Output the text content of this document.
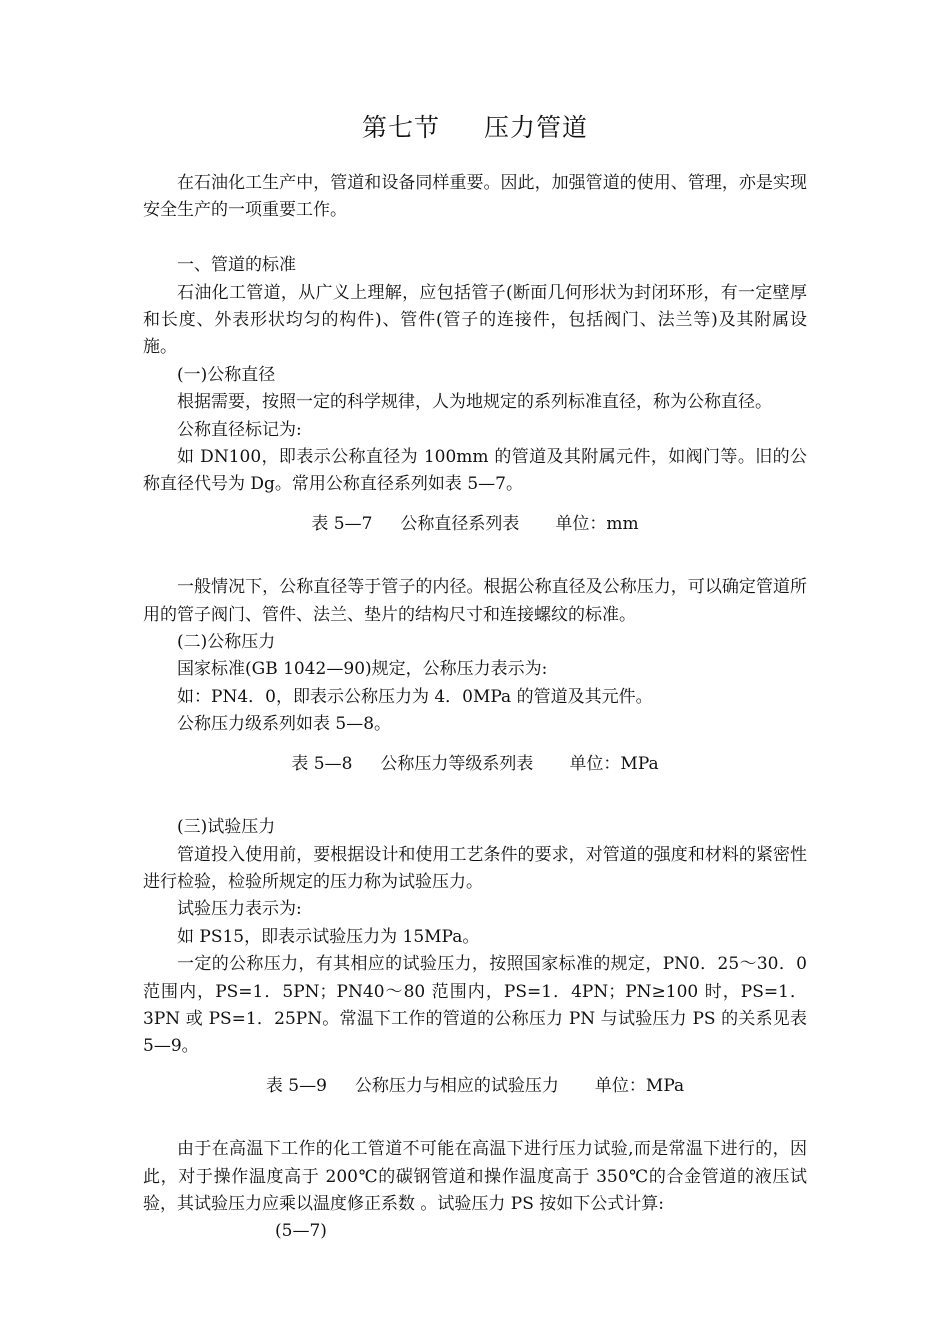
第七节 压力管道

在石油化工生产中，管道和设备同样重要。因此，加强管道的使用、管理，亦是实现安全生产的一项重要工作。

一、管道的标准

石油化工管道，从广义上理解，应包括管子(断面几何形状为封闭环形，有一定壁厚和长度、外表形状均匀的构件)、管件(管子的连接件，包括阀门、法兰等)及其附属设施。

(一)公称直径

根据需要，按照一定的科学规律，人为地规定的系列标准直径，称为公称直径。

公称直径标记为:

如 DN100，即表示公称直径为 100mm 的管道及其附属元件，如阀门等。旧的公称直径代号为 Dg。常用公称直径系列如表 5—7。

表 5—7 公称直径系列表 单位：mm

一般情况下，公称直径等于管子的内径。根据公称直径及公称压力，可以确定管道所用的管子阀门、管件、法兰、垫片的结构尺寸和连接螺纹的标准。

(二)公称压力

国家标准(GB 1042—90)规定，公称压力表示为:

如：PN4．0，即表示公称压力为 4．0MPa 的管道及其元件。

公称压力级系列如表 5—8。

表 5—8 公称压力等级系列表 单位：MPa

(三)试验压力

管道投入使用前，要根据设计和使用工艺条件的要求，对管道的强度和材料的紧密性进行检验，检验所规定的压力称为试验压力。

试验压力表示为:

如 PS15，即表示试验压力为 15MPa。

一定的公称压力，有其相应的试验压力，按照国家标准的规定，PN0．25～30．0 范围内，PS=1．5PN；PN40～80 范围内，PS=1．4PN；PN≥100 时，PS=1．3PN 或 PS=1．25PN。常温下工作的管道的公称压力 PN 与试验压力 PS 的关系见表 5—9。

表 5—9 公称压力与相应的试验压力 单位：MPa

由于在高温下工作的化工管道不可能在高温下进行压力试验,而是常温下进行的，因此，对于操作温度高于 200℃的碳钢管道和操作温度高于 350℃的合金管道的液压试验，其试验压力应乘以温度修正系数 。试验压力 PS 按如下公式计算:

(5—7)
